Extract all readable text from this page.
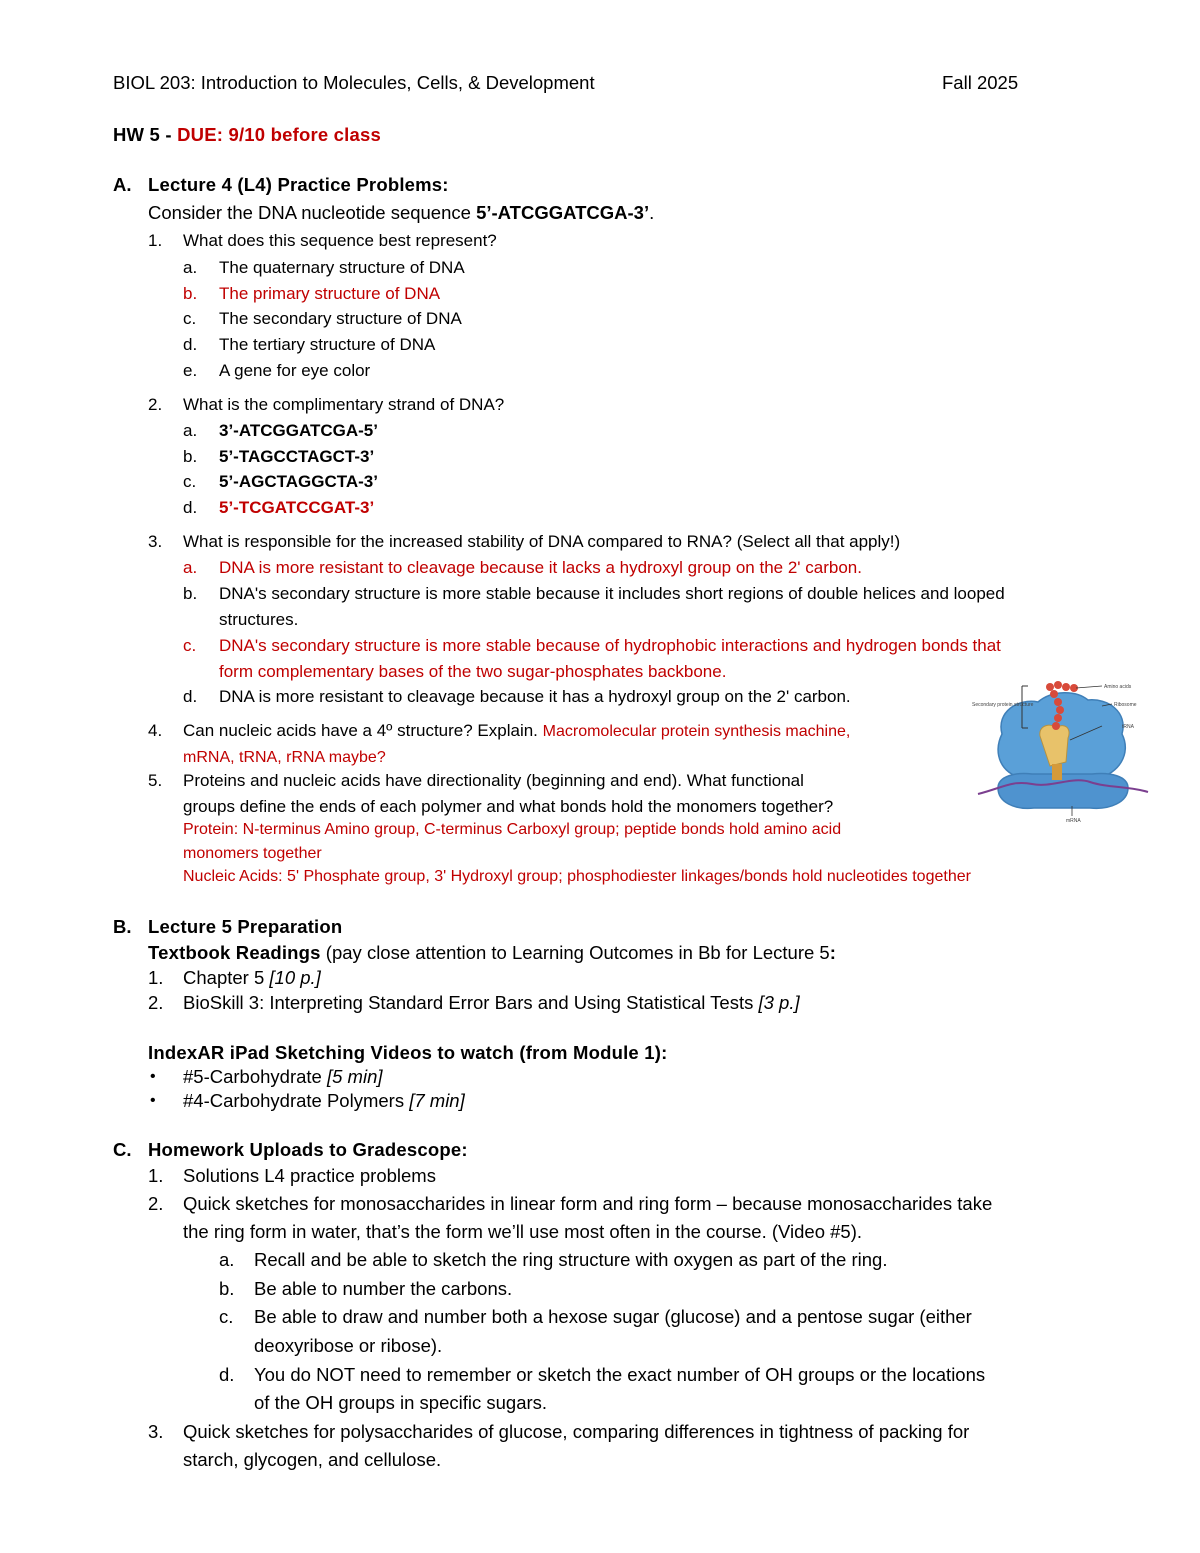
BIOL 203: Introduction to Molecules, Cells, & Development	Fall 2025
HW 5 - DUE: 9/10 before class
A. Lecture 4 (L4) Practice Problems:
Consider the DNA nucleotide sequence 5’-ATCGGATCGA-3’.
1. What does this sequence best represent?
a. The quaternary structure of DNA
b. The primary structure of DNA
c. The secondary structure of DNA
d. The tertiary structure of DNA
e. A gene for eye color
2. What is the complimentary strand of DNA?
a. 3’-ATCGGATCGA-5’
b. 5’-TAGCCTAGCT-3’
c. 5’-AGCTAGGCTA-3’
d. 5’-TCGATCCGAT-3’
3. What is responsible for the increased stability of DNA compared to RNA? (Select all that apply!)
a. DNA is more resistant to cleavage because it lacks a hydroxyl group on the 2' carbon.
b. DNA's secondary structure is more stable because it includes short regions of double helices and looped
structures.
c. DNA's secondary structure is more stable because of hydrophobic interactions and hydrogen bonds that
form complementary bases of the two sugar-phosphates backbone.
d. DNA is more resistant to cleavage because it has a hydroxyl group on the 2' carbon.
4. Can nucleic acids have a 4º structure? Explain. Macromolecular protein synthesis machine,
mRNA, tRNA, rRNA maybe?
5. Proteins and nucleic acids have directionality (beginning and end). What functional
groups define the ends of each polymer and what bonds hold the monomers together?
Protein: N-terminus Amino group, C-terminus Carboxyl group; peptide bonds hold amino acid
monomers together
Nucleic Acids: 5' Phosphate group, 3' Hydroxyl group; phosphodiester linkages/bonds hold nucleotides together
Secondary protein structure
Amino acids
Ribosome
tRNA
mRNA
B. Lecture 5 Preparation
Textbook Readings (pay close attention to Learning Outcomes in Bb for Lecture 5:
1. Chapter 5 [10 p.]
2. BioSkill 3: Interpreting Standard Error Bars and Using Statistical Tests [3 p.]
IndexAR iPad Sketching Videos to watch (from Module 1):
• #5-Carbohydrate [5 min]
• #4-Carbohydrate Polymers [7 min]
C. Homework Uploads to Gradescope:
1. Solutions L4 practice problems
2. Quick sketches for monosaccharides in linear form and ring form – because monosaccharides take
the ring form in water, that’s the form we’ll use most often in the course. (Video #5).
a. Recall and be able to sketch the ring structure with oxygen as part of the ring.
b. Be able to number the carbons.
c. Be able to draw and number both a hexose sugar (glucose) and a pentose sugar (either
deoxyribose or ribose).
d. You do NOT need to remember or sketch the exact number of OH groups or the locations
of the OH groups in specific sugars.
3. Quick sketches for polysaccharides of glucose, comparing differences in tightness of packing for
starch, glycogen, and cellulose.
